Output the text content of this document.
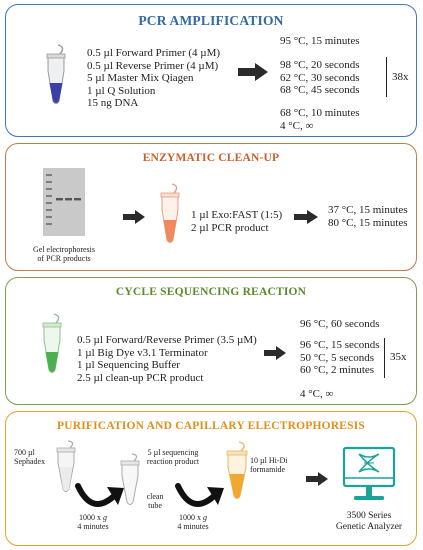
PCR AMPLIFICATION
0.5 µl Forward Primer (4 µM)
0.5 µl Reverse Primer (4 µM)
5 µl Master Mix Qiagen
1 µl Q Solution
15 ng DNA
95 °C, 15 minutes
98 °C, 20 seconds
62 °C, 30 seconds
68 °C, 45 seconds
38x
68 °C, 10 minutes
4 °C, ∞
ENZYMATIC CLEAN-UP
Gel electrophoresis
of PCR products
1 µl Exo:FAST (1:5)
2 µl PCR product
37 °C, 15 minutes
80 °C, 15 minutes
CYCLE SEQUENCING REACTION
0.5 µl Forward/Reverse Primer (3.5 µM)
1 µl Big Dye v3.1 Terminator
1 µl Sequencing Buffer
2.5 µl clean-up PCR product
96 °C, 60 seconds
96 °C, 15 seconds
50 °C, 5 seconds
60 °C, 2 minutes
35x
4 °C, ∞
PURIFICATION AND CAPILLARY ELECTROPHORESIS
700 µl
Sephadex
1000 x g
4 minutes
5 µl sequencing
reaction product
clean
tube
1000 x g
4 minutes
10 µl Hi-Di
formamide
3500 Series
Genetic Analyzer
